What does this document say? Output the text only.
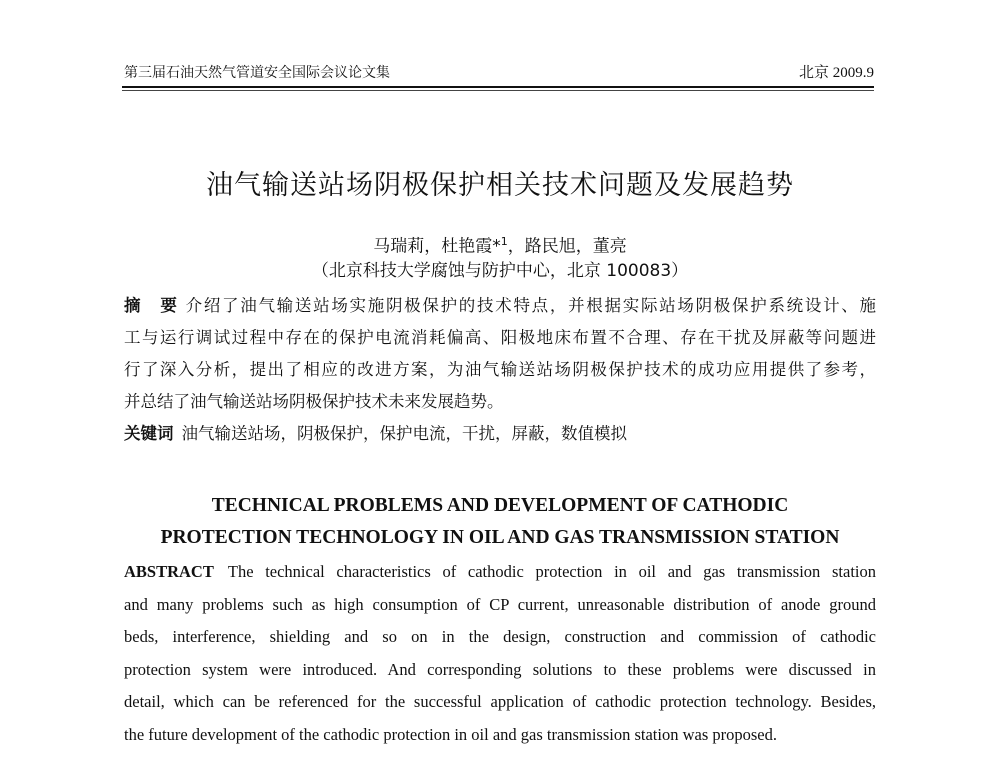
第三届石油天然气管道安全国际会议论文集	北京 2009.9
油气输送站场阴极保护相关技术问题及发展趋势
马瑞莉，杜艳霞*$^1$，路民旭，董亮
（北京科技大学腐蚀与防护中心，北京 100083）
摘　要 介绍了油气输送站场实施阴极保护的技术特点，并根据实际站场阴极保护系统设计、施
工与运行调试过程中存在的保护电流消耗偏高、阳极地床布置不合理、存在干扰及屏蔽等问题进
行了深入分析，提出了相应的改进方案，为油气输送站场阴极保护技术的成功应用提供了参考，
并总结了油气输送站场阴极保护技术未来发展趋势。
关键词 油气输送站场，阴极保护，保护电流，干扰，屏蔽，数值模拟
TECHNICAL PROBLEMS AND DEVELOPMENT OF CATHODIC
PROTECTION TECHNOLOGY IN OIL AND GAS TRANSMISSION STATION
ABSTRACT The technical characteristics of cathodic protection in oil and gas transmission station
and many problems such as high consumption of CP current, unreasonable distribution of anode ground
beds, interference, shielding and so on in the design, construction and commission of cathodic
protection system were introduced. And corresponding solutions to these problems were discussed in
detail, which can be referenced for the successful application of cathodic protection technology. Besides,
the future development of the cathodic protection in oil and gas transmission station was proposed.
